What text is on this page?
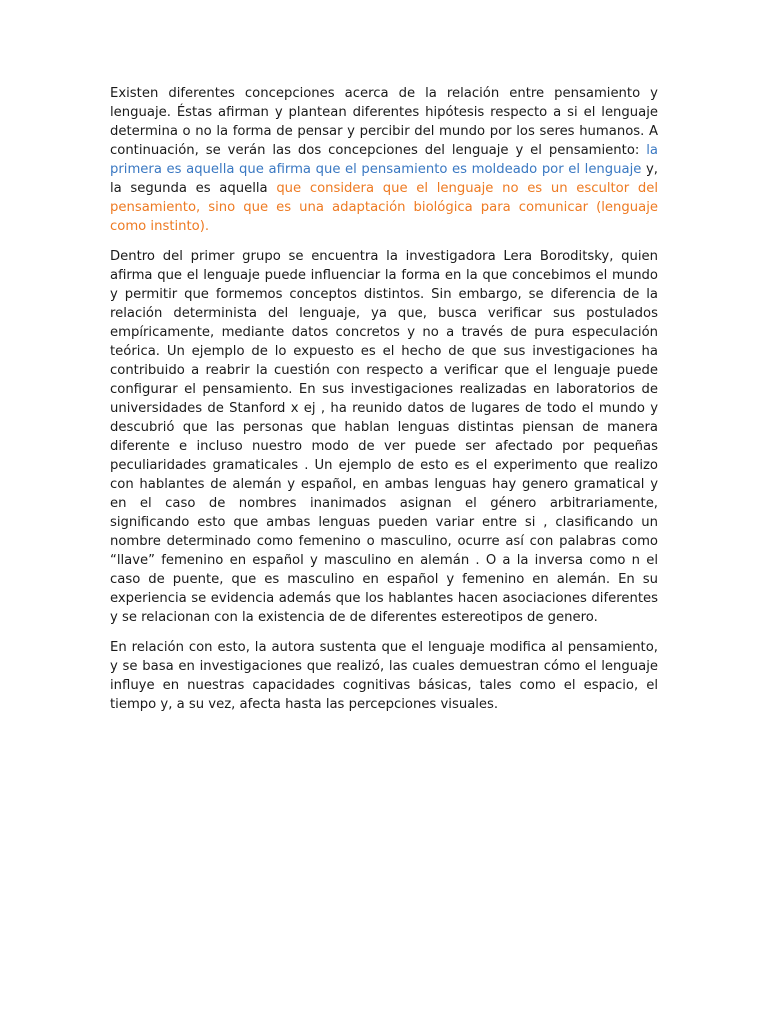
Existen diferentes concepciones acerca de la relación entre pensamiento y lenguaje. Éstas afirman y plantean diferentes hipótesis respecto a si el lenguaje determina o no la forma de pensar y percibir del mundo por los seres humanos. A continuación, se verán las dos concepciones del lenguaje y el pensamiento: la primera es aquella que afirma que el pensamiento es moldeado por el lenguaje y, la segunda es aquella que considera que el lenguaje no es un escultor del pensamiento, sino que es una adaptación biológica para comunicar (lenguaje como instinto).

Dentro del primer grupo se encuentra la investigadora Lera Boroditsky, quien afirma que el lenguaje puede influenciar la forma en la que concebimos el mundo y permitir que formemos conceptos distintos. Sin embargo, se diferencia de la relación determinista del lenguaje, ya que, busca verificar sus postulados empíricamente, mediante datos concretos y no a través de pura especulación teórica. Un ejemplo de lo expuesto es el hecho de que sus investigaciones ha contribuido a reabrir la cuestión con respecto a verificar que el lenguaje puede configurar el pensamiento. En sus investigaciones realizadas en laboratorios de universidades de Stanford x ej , ha reunido datos de lugares de todo el mundo y descubrió que las personas que hablan lenguas distintas piensan de manera diferente e incluso nuestro modo de ver puede ser afectado por pequeñas peculiaridades gramaticales . Un ejemplo de esto es el experimento que realizo con hablantes de alemán y español, en ambas lenguas hay genero gramatical y en el caso de nombres inanimados asignan el género arbitrariamente, significando esto que ambas lenguas pueden variar entre si , clasificando un nombre determinado como femenino o masculino, ocurre así con palabras como “llave” femenino en español y masculino en alemán . O a la inversa como n el caso de puente, que es masculino en español y femenino en alemán. En su experiencia se evidencia además que los hablantes hacen asociaciones diferentes y se relacionan con la existencia de de diferentes estereotipos de genero.

En relación con esto, la autora sustenta que el lenguaje modifica al pensamiento, y se basa en investigaciones que realizó, las cuales demuestran cómo el lenguaje influye en nuestras capacidades cognitivas básicas, tales como el espacio, el tiempo y, a su vez, afecta hasta las percepciones visuales.
